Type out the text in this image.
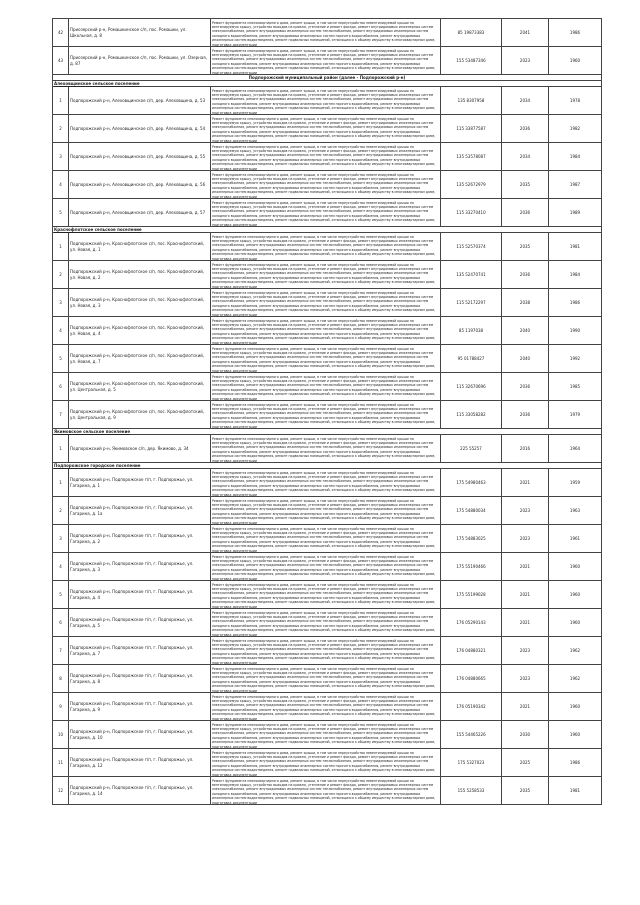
42	Приозерский р-н, Ромашкинское с/п, пос. Ромашки, ул. Школьная, д. 8	Ремонт фундамента многоквартирного дома, ремонт крыши, в том числе переустройство невентилируемой крыши на вентилируемую крышу, устройство выходов на кровлю, утепление и ремонт фасада, ремонт внутридомовых инженерных систем электроснабжения, ремонт внутридомовых инженерных систем теплоснабжения, ремонт внутридомовых инженерных систем холодного водоснабжения, ремонт внутридомовых инженерных систем горячего водоснабжения, ремонт внутридомовых инженерных систем водоотведения, ремонт подвальных помещений, относящихся к общему имуществу в многоквартирном доме, подготовка документации	85 19873383	2041	1986
43	Приозерский р-н, Ромашкинское с/п, пос. Ромашки, ул. Озерная, д. 87	Ремонт фундамента многоквартирного дома, ремонт крыши, в том числе переустройство невентилируемой крыши на вентилируемую крышу, устройство выходов на кровлю, утепление и ремонт фасада, ремонт внутридомовых инженерных систем электроснабжения, ремонт внутридомовых инженерных систем теплоснабжения, ремонт внутридомовых инженерных систем холодного водоснабжения, ремонт внутридомовых инженерных систем горячего водоснабжения, ремонт внутридомовых инженерных систем водоотведения, ремонт подвальных помещений, относящихся к общему имуществу в многоквартирном доме, подготовка документации	155 53487346	2023	1960
Подпорожский муниципальный район (далее - Подпорожский р-н)					
Алеховщинское сельское поселение					
1	Подпорожский р-н, Алеховщинское с/п, дер. Алеховщина, д. 53	Ремонт фундамента многоквартирного дома, ремонт крыши, в том числе переустройство невентилируемой крыши на вентилируемую крышу, устройство выходов на кровлю, утепление и ремонт фасада, ремонт внутридомовых инженерных систем электроснабжения, ремонт внутридомовых инженерных систем теплоснабжения, ремонт внутридомовых инженерных систем холодного водоснабжения, ремонт внутридомовых инженерных систем горячего водоснабжения, ремонт внутридомовых инженерных систем водоотведения, ремонт подвальных помещений, относящихся к общему имуществу в многоквартирном доме, подготовка документации	135 8307958	2034	1978
2	Подпорожский р-н, Алеховщинское с/п, дер. Алеховщина, д. 54	Ремонт фундамента многоквартирного дома, ремонт крыши, в том числе переустройство невентилируемой крыши на вентилируемую крышу, устройство выходов на кровлю, утепление и ремонт фасада, ремонт внутридомовых инженерных систем электроснабжения, ремонт внутридомовых инженерных систем теплоснабжения, ремонт внутридомовых инженерных систем холодного водоснабжения, ремонт внутридомовых инженерных систем горячего водоснабжения, ремонт внутридомовых инженерных систем водоотведения, ремонт подвальных помещений, относящихся к общему имуществу в многоквартирном доме, подготовка документации	115 33877587	2036	1982
3	Подпорожский р-н, Алеховщинское с/п, дер. Алеховщина, д. 55	Ремонт фундамента многоквартирного дома, ремонт крыши, в том числе переустройство невентилируемой крыши на вентилируемую крышу, устройство выходов на кровлю, утепление и ремонт фасада, ремонт внутридомовых инженерных систем электроснабжения, ремонт внутридомовых инженерных систем теплоснабжения, ремонт внутридомовых инженерных систем холодного водоснабжения, ремонт внутридомовых инженерных систем горячего водоснабжения, ремонт внутридомовых инженерных систем водоотведения, ремонт подвальных помещений, относящихся к общему имуществу в многоквартирном доме, подготовка документации	135 53578087	2034	1984
4	Подпорожский р-н, Алеховщинское с/п, дер. Алеховщина, д. 56	Ремонт фундамента многоквартирного дома, ремонт крыши, в том числе переустройство невентилируемой крыши на вентилируемую крышу, устройство выходов на кровлю, утепление и ремонт фасада, ремонт внутридомовых инженерных систем электроснабжения, ремонт внутридомовых инженерных систем теплоснабжения, ремонт внутридомовых инженерных систем холодного водоснабжения, ремонт внутридомовых инженерных систем горячего водоснабжения, ремонт внутридомовых инженерных систем водоотведения, ремонт подвальных помещений, относящихся к общему имуществу в многоквартирном доме, подготовка документации	135 52672979	2035	1987
5	Подпорожский р-н, Алеховщинское с/п, дер. Алеховщина, д. 57	Ремонт фундамента многоквартирного дома, ремонт крыши, в том числе переустройство невентилируемой крыши на вентилируемую крышу, устройство выходов на кровлю, утепление и ремонт фасада, ремонт внутридомовых инженерных систем электроснабжения, ремонт внутридомовых инженерных систем теплоснабжения, ремонт внутридомовых инженерных систем холодного водоснабжения, ремонт внутридомовых инженерных систем горячего водоснабжения, ремонт внутридомовых инженерных систем водоотведения, ремонт подвальных помещений, относящихся к общему имуществу в многоквартирном доме, подготовка документации	115 33270410	2036	1989
Краснофлотское сельское поселение					
1	Подпорожский р-н, Краснофлотское с/п, пос. Краснофлотский, ул. Новая, д. 1	Ремонт фундамента многоквартирного дома, ремонт крыши, в том числе переустройство невентилируемой крыши на вентилируемую крышу, устройство выходов на кровлю, утепление и ремонт фасада, ремонт внутридомовых инженерных систем электроснабжения, ремонт внутридомовых инженерных систем теплоснабжения, ремонт внутридомовых инженерных систем холодного водоснабжения, ремонт внутридомовых инженерных систем горячего водоснабжения, ремонт внутридомовых инженерных систем водоотведения, ремонт подвальных помещений, относящихся к общему имуществу в многоквартирном доме, подготовка документации	115 52570374	2035	1981
2	Подпорожский р-н, Краснофлотское с/п, пос. Краснофлотский, ул. Новая, д. 2	Ремонт фундамента многоквартирного дома, ремонт крыши, в том числе переустройство невентилируемой крыши на вентилируемую крышу, устройство выходов на кровлю, утепление и ремонт фасада, ремонт внутридомовых инженерных систем электроснабжения, ремонт внутридомовых инженерных систем теплоснабжения, ремонт внутридомовых инженерных систем холодного водоснабжения, ремонт внутридомовых инженерных систем горячего водоснабжения, ремонт внутридомовых инженерных систем водоотведения, ремонт подвальных помещений, относящихся к общему имуществу в многоквартирном доме, подготовка документации	135 52470741	2036	1984
3	Подпорожский р-н, Краснофлотское с/п, пос. Краснофлотский, ул. Новая, д. 3	Ремонт фундамента многоквартирного дома, ремонт крыши, в том числе переустройство невентилируемой крыши на вентилируемую крышу, устройство выходов на кровлю, утепление и ремонт фасада, ремонт внутридомовых инженерных систем электроснабжения, ремонт внутридомовых инженерных систем теплоснабжения, ремонт внутридомовых инженерных систем холодного водоснабжения, ремонт внутридомовых инженерных систем горячего водоснабжения, ремонт внутридомовых инженерных систем водоотведения, ремонт подвальных помещений, относящихся к общему имуществу в многоквартирном доме, подготовка документации	115 52172297	2038	1986
4	Подпорожский р-н, Краснофлотское с/п, пос. Краснофлотский, ул. Новая, д. 4	Ремонт фундамента многоквартирного дома, ремонт крыши, в том числе переустройство невентилируемой крыши на вентилируемую крышу, устройство выходов на кровлю, утепление и ремонт фасада, ремонт внутридомовых инженерных систем электроснабжения, ремонт внутридомовых инженерных систем теплоснабжения, ремонт внутридомовых инженерных систем холодного водоснабжения, ремонт внутридомовых инженерных систем горячего водоснабжения, ремонт внутридомовых инженерных систем водоотведения, ремонт подвальных помещений, относящихся к общему имуществу в многоквартирном доме, подготовка документации	85 1197038	2040	1990
5	Подпорожский р-н, Краснофлотское с/п, пос. Краснофлотский, ул. Новая, д. 7	Ремонт фундамента многоквартирного дома, ремонт крыши, в том числе переустройство невентилируемой крыши на вентилируемую крышу, устройство выходов на кровлю, утепление и ремонт фасада, ремонт внутридомовых инженерных систем электроснабжения, ремонт внутридомовых инженерных систем теплоснабжения, ремонт внутридомовых инженерных систем холодного водоснабжения, ремонт внутридомовых инженерных систем горячего водоснабжения, ремонт внутридомовых инженерных систем водоотведения, ремонт подвальных помещений, относящихся к общему имуществу в многоквартирном доме, подготовка документации	95 01788427	2040	1992
6	Подпорожский р-н, Краснофлотское с/п, пос. Краснофлотский, ул. Центральная, д. 5	Ремонт фундамента многоквартирного дома, ремонт крыши, в том числе переустройство невентилируемой крыши на вентилируемую крышу, устройство выходов на кровлю, утепление и ремонт фасада, ремонт внутридомовых инженерных систем электроснабжения, ремонт внутридомовых инженерных систем теплоснабжения, ремонт внутридомовых инженерных систем холодного водоснабжения, ремонт внутридомовых инженерных систем горячего водоснабжения, ремонт внутридомовых инженерных систем водоотведения, ремонт подвальных помещений, относящихся к общему имуществу в многоквартирном доме, подготовка документации	115 32670696	2036	1985
7	Подпорожский р-н, Краснофлотское с/п, пос. Краснофлотский, ул. Центральная, д. 9	Ремонт фундамента многоквартирного дома, ремонт крыши, в том числе переустройство невентилируемой крыши на вентилируемую крышу, устройство выходов на кровлю, утепление и ремонт фасада, ремонт внутридомовых инженерных систем электроснабжения, ремонт внутридомовых инженерных систем теплоснабжения, ремонт внутридомовых инженерных систем холодного водоснабжения, ремонт внутридомовых инженерных систем горячего водоснабжения, ремонт внутридомовых инженерных систем водоотведения, ремонт подвальных помещений, относящихся к общему имуществу в многоквартирном доме, подготовка документации	115 33058282	2036	1979
Якимовское сельское поселение					
1	Подпорожский р-н, Якимовское с/п, дер. Якимово, д. 34	Ремонт фундамента многоквартирного дома, ремонт крыши, в том числе переустройство невентилируемой крыши на вентилируемую крышу, устройство выходов на кровлю, утепление и ремонт фасада, ремонт внутридомовых инженерных систем электроснабжения, ремонт внутридомовых инженерных систем теплоснабжения, ремонт внутридомовых инженерных систем холодного водоснабжения, ремонт внутридомовых инженерных систем горячего водоснабжения, ремонт внутридомовых инженерных систем водоотведения, ремонт подвальных помещений, относящихся к общему имуществу в многоквартирном доме, подготовка документации	225 55257	2016	1964
Подпорожское городское поселение					
1	Подпорожский р-н, Подпорожское г/п, г. Подпорожье, ул. Гагарина, д. 1	Ремонт фундамента многоквартирного дома, ремонт крыши, в том числе переустройство невентилируемой крыши на вентилируемую крышу, устройство выходов на кровлю, утепление и ремонт фасада, ремонт внутридомовых инженерных систем электроснабжения, ремонт внутридомовых инженерных систем теплоснабжения, ремонт внутридомовых инженерных систем холодного водоснабжения, ремонт внутридомовых инженерных систем горячего водоснабжения, ремонт внутридомовых инженерных систем водоотведения, ремонт подвальных помещений, относящихся к общему имуществу в многоквартирном доме, подготовка документации	175 54980463	2021	1959
2	Подпорожский р-н, Подпорожское г/п, г. Подпорожье, ул. Гагарина, д. 1а	Ремонт фундамента многоквартирного дома, ремонт крыши, в том числе переустройство невентилируемой крыши на вентилируемую крышу, устройство выходов на кровлю, утепление и ремонт фасада, ремонт внутридомовых инженерных систем электроснабжения, ремонт внутридомовых инженерных систем теплоснабжения, ремонт внутридомовых инженерных систем холодного водоснабжения, ремонт внутридомовых инженерных систем горячего водоснабжения, ремонт внутридомовых инженерных систем водоотведения, ремонт подвальных помещений, относящихся к общему имуществу в многоквартирном доме, подготовка документации	175 54880034	2023	1963
3	Подпорожский р-н, Подпорожское г/п, г. Подпорожье, ул. Гагарина, д. 2	Ремонт фундамента многоквартирного дома, ремонт крыши, в том числе переустройство невентилируемой крыши на вентилируемую крышу, устройство выходов на кровлю, утепление и ремонт фасада, ремонт внутридомовых инженерных систем электроснабжения, ремонт внутридомовых инженерных систем теплоснабжения, ремонт внутридомовых инженерных систем холодного водоснабжения, ремонт внутридомовых инженерных систем горячего водоснабжения, ремонт внутридомовых инженерных систем водоотведения, ремонт подвальных помещений, относящихся к общему имуществу в многоквартирном доме, подготовка документации	175 54883025	2023	1961
4	Подпорожский р-н, Подпорожское г/п, г. Подпорожье, ул. Гагарина, д. 3	Ремонт фундамента многоквартирного дома, ремонт крыши, в том числе переустройство невентилируемой крыши на вентилируемую крышу, устройство выходов на кровлю, утепление и ремонт фасада, ремонт внутридомовых инженерных систем электроснабжения, ремонт внутридомовых инженерных систем теплоснабжения, ремонт внутридомовых инженерных систем холодного водоснабжения, ремонт внутридомовых инженерных систем горячего водоснабжения, ремонт внутридомовых инженерных систем водоотведения, ремонт подвальных помещений, относящихся к общему имуществу в многоквартирном доме, подготовка документации	175 55190466	2021	1960
5	Подпорожский р-н, Подпорожское г/п, г. Подпорожье, ул. Гагарина, д. 4	Ремонт фундамента многоквартирного дома, ремонт крыши, в том числе переустройство невентилируемой крыши на вентилируемую крышу, устройство выходов на кровлю, утепление и ремонт фасада, ремонт внутридомовых инженерных систем электроснабжения, ремонт внутридомовых инженерных систем теплоснабжения, ремонт внутридомовых инженерных систем холодного водоснабжения, ремонт внутридомовых инженерных систем горячего водоснабжения, ремонт внутридомовых инженерных систем водоотведения, ремонт подвальных помещений, относящихся к общему имуществу в многоквартирном доме, подготовка документации	175 55199028	2021	1960
6	Подпорожский р-н, Подпорожское г/п, г. Подпорожье, ул. Гагарина, д. 5	Ремонт фундамента многоквартирного дома, ремонт крыши, в том числе переустройство невентилируемой крыши на вентилируемую крышу, устройство выходов на кровлю, утепление и ремонт фасада, ремонт внутридомовых инженерных систем электроснабжения, ремонт внутридомовых инженерных систем теплоснабжения, ремонт внутридомовых инженерных систем холодного водоснабжения, ремонт внутридомовых инженерных систем горячего водоснабжения, ремонт внутридомовых инженерных систем водоотведения, ремонт подвальных помещений, относящихся к общему имуществу в многоквартирном доме, подготовка документации	176 05290143	2021	1960
7	Подпорожский р-н, Подпорожское г/п, г. Подпорожье, ул. Гагарина, д. 7	Ремонт фундамента многоквартирного дома, ремонт крыши, в том числе переустройство невентилируемой крыши на вентилируемую крышу, устройство выходов на кровлю, утепление и ремонт фасада, ремонт внутридомовых инженерных систем электроснабжения, ремонт внутридомовых инженерных систем теплоснабжения, ремонт внутридомовых инженерных систем холодного водоснабжения, ремонт внутридомовых инженерных систем горячего водоснабжения, ремонт внутридомовых инженерных систем водоотведения, ремонт подвальных помещений, относящихся к общему имуществу в многоквартирном доме, подготовка документации	176 04880321	2023	1962
8	Подпорожский р-н, Подпорожское г/п, г. Подпорожье, ул. Гагарина, д. 8	Ремонт фундамента многоквартирного дома, ремонт крыши, в том числе переустройство невентилируемой крыши на вентилируемую крышу, устройство выходов на кровлю, утепление и ремонт фасада, ремонт внутридомовых инженерных систем электроснабжения, ремонт внутридомовых инженерных систем теплоснабжения, ремонт внутридомовых инженерных систем холодного водоснабжения, ремонт внутридомовых инженерных систем горячего водоснабжения, ремонт внутридомовых инженерных систем водоотведения, ремонт подвальных помещений, относящихся к общему имуществу в многоквартирном доме, подготовка документации	176 04880665	2023	1962
9	Подпорожский р-н, Подпорожское г/п, г. Подпорожье, ул. Гагарина, д. 9	Ремонт фундамента многоквартирного дома, ремонт крыши, в том числе переустройство невентилируемой крыши на вентилируемую крышу, устройство выходов на кровлю, утепление и ремонт фасада, ремонт внутридомовых инженерных систем электроснабжения, ремонт внутридомовых инженерных систем теплоснабжения, ремонт внутридомовых инженерных систем холодного водоснабжения, ремонт внутридомовых инженерных систем горячего водоснабжения, ремонт внутридомовых инженерных систем водоотведения, ремонт подвальных помещений, относящихся к общему имуществу в многоквартирном доме, подготовка документации	176 05190342	2021	1960
10	Подпорожский р-н, Подпорожское г/п, г. Подпорожье, ул. Гагарина, д. 10	Ремонт фундамента многоквартирного дома, ремонт крыши, в том числе переустройство невентилируемой крыши на вентилируемую крышу, устройство выходов на кровлю, утепление и ремонт фасада, ремонт внутридомовых инженерных систем электроснабжения, ремонт внутридомовых инженерных систем теплоснабжения, ремонт внутридомовых инженерных систем холодного водоснабжения, ремонт внутридомовых инженерных систем горячего водоснабжения, ремонт внутридомовых инженерных систем водоотведения, ремонт подвальных помещений, относящихся к общему имуществу в многоквартирном доме, подготовка документации	155 54465226	2030	1960
11	Подпорожский р-н, Подпорожское г/п, г. Подпорожье, ул. Гагарина, д. 12	Ремонт фундамента многоквартирного дома, ремонт крыши, в том числе переустройство невентилируемой крыши на вентилируемую крышу, устройство выходов на кровлю, утепление и ремонт фасада, ремонт внутридомовых инженерных систем электроснабжения, ремонт внутридомовых инженерных систем теплоснабжения, ремонт внутридомовых инженерных систем холодного водоснабжения, ремонт внутридомовых инженерных систем горячего водоснабжения, ремонт внутридомовых инженерных систем водоотведения, ремонт подвальных помещений, относящихся к общему имуществу в многоквартирном доме, подготовка документации	175 5327023	2025	1986
12	Подпорожский р-н, Подпорожское г/п, г. Подпорожье, ул. Гагарина, д. 14	Ремонт фундамента многоквартирного дома, ремонт крыши, в том числе переустройство невентилируемой крыши на вентилируемую крышу, устройство выходов на кровлю, утепление и ремонт фасада, ремонт внутридомовых инженерных систем электроснабжения, ремонт внутридомовых инженерных систем теплоснабжения, ремонт внутридомовых инженерных систем холодного водоснабжения, ремонт внутридомовых инженерных систем горячего водоснабжения, ремонт внутридомовых инженерных систем водоотведения, ремонт подвальных помещений, относящихся к общему имуществу в многоквартирном доме, подготовка документации	155 5258533	2035	1981
